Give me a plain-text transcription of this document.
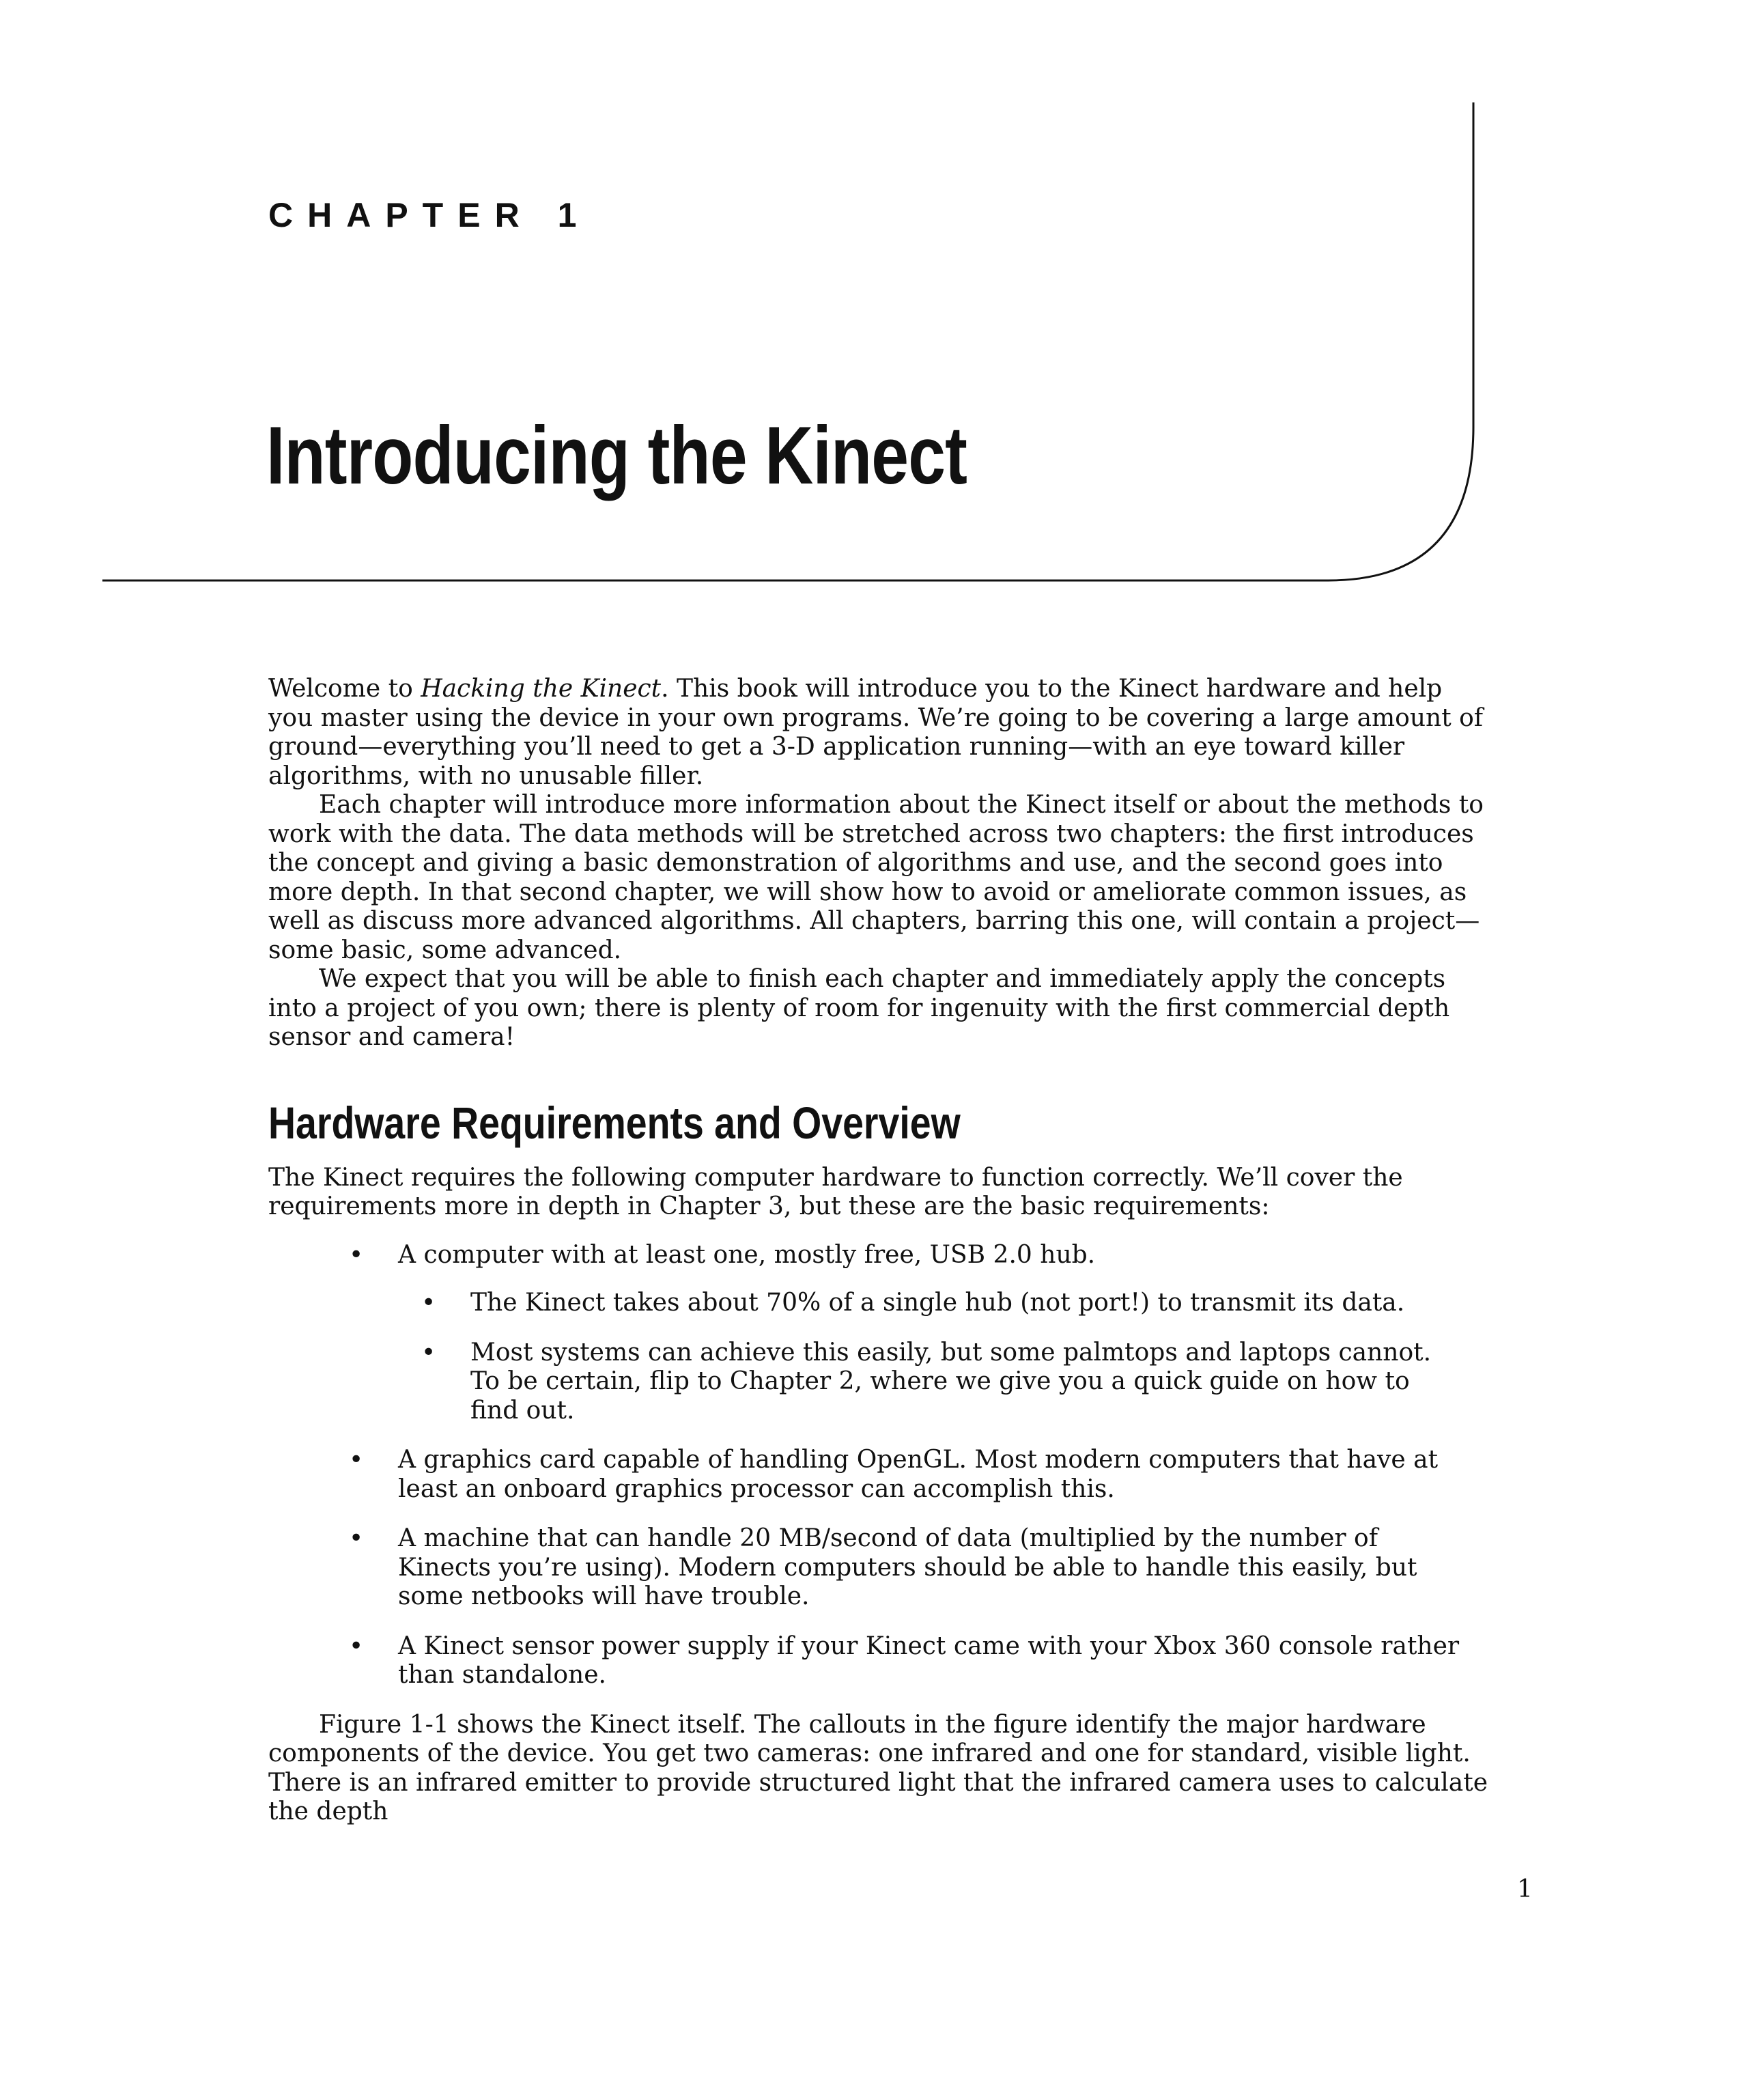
CHAPTER 1
Introducing the Kinect

Welcome to Hacking the Kinect. This book will introduce you to the Kinect hardware and help you master using the device in your own programs. We’re going to be covering a large amount of ground—everything you’ll need to get a 3-D application running—with an eye toward killer algorithms, with no unusable filler.

Each chapter will introduce more information about the Kinect itself or about the methods to work with the data. The data methods will be stretched across two chapters: the first introduces the concept and giving a basic demonstration of algorithms and use, and the second goes into more depth. In that second chapter, we will show how to avoid or ameliorate common issues, as well as discuss more advanced algorithms. All chapters, barring this one, will contain a project—some basic, some advanced.

We expect that you will be able to finish each chapter and immediately apply the concepts into a project of you own; there is plenty of room for ingenuity with the first commercial depth sensor and camera!

Hardware Requirements and Overview

The Kinect requires the following computer hardware to function correctly. We’ll cover the requirements more in depth in Chapter 3, but these are the basic requirements:

• A computer with at least one, mostly free, USB 2.0 hub.
• The Kinect takes about 70% of a single hub (not port!) to transmit its data.
• Most systems can achieve this easily, but some palmtops and laptops cannot. To be certain, flip to Chapter 2, where we give you a quick guide on how to find out.
• A graphics card capable of handling OpenGL. Most modern computers that have at least an onboard graphics processor can accomplish this.
• A machine that can handle 20 MB/second of data (multiplied by the number of Kinects you’re using). Modern computers should be able to handle this easily, but some netbooks will have trouble.
• A Kinect sensor power supply if your Kinect came with your Xbox 360 console rather than standalone.

Figure 1-1 shows the Kinect itself. The callouts in the figure identify the major hardware components of the device. You get two cameras: one infrared and one for standard, visible light. There is an infrared emitter to provide structured light that the infrared camera uses to calculate the depth

1
